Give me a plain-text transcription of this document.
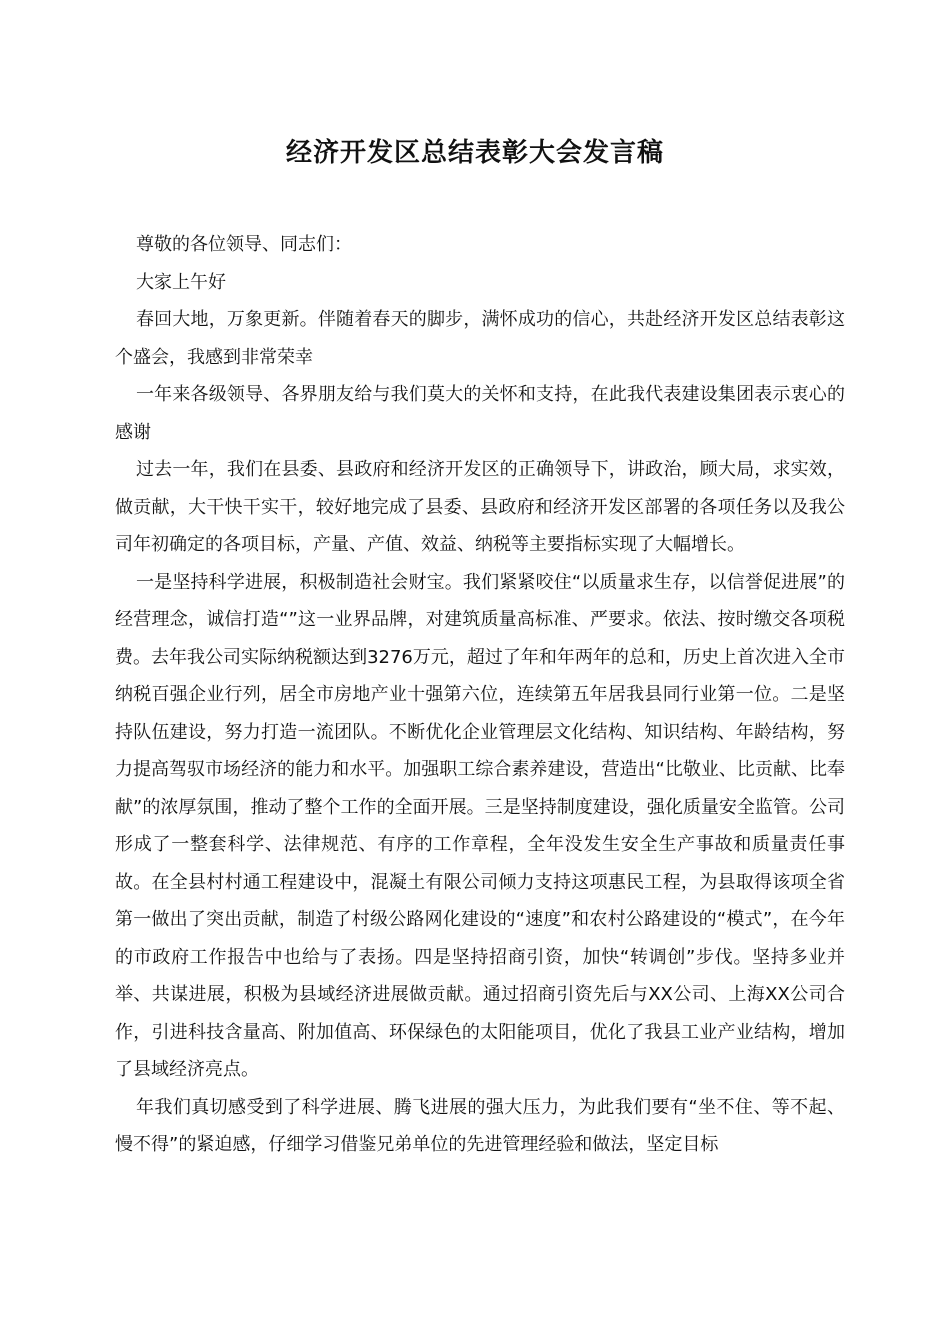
经济开发区总结表彰大会发言稿

尊敬的各位领导、同志们：

大家上午好

春回大地，万象更新。伴随着春天的脚步，满怀成功的信心，共赴经济开发区总结表彰这个盛会，我感到非常荣幸

一年来各级领导、各界朋友给与我们莫大的关怀和支持，在此我代表建设集团表示衷心的感谢

过去一年，我们在县委、县政府和经济开发区的正确领导下，讲政治，顾大局，求实效，做贡献，大干快干实干，较好地完成了县委、县政府和经济开发区部署的各项任务以及我公司年初确定的各项目标，产量、产值、效益、纳税等主要指标实现了大幅增长。

一是坚持科学进展，积极制造社会财宝。我们紧紧咬住“以质量求生存，以信誉促进展”的经营理念，诚信打造“”这一业界品牌，对建筑质量高标准、严要求。依法、按时缴交各项税费。去年我公司实际纳税额达到3276万元，超过了年和年两年的总和，历史上首次进入全市纳税百强企业行列，居全市房地产业十强第六位，连续第五年居我县同行业第一位。二是坚持队伍建设，努力打造一流团队。不断优化企业管理层文化结构、知识结构、年龄结构，努力提高驾驭市场经济的能力和水平。加强职工综合素养建设，营造出“比敬业、比贡献、比奉献”的浓厚氛围，推动了整个工作的全面开展。三是坚持制度建设，强化质量安全监管。公司形成了一整套科学、法律规范、有序的工作章程，全年没发生安全生产事故和质量责任事故。在全县村村通工程建设中，混凝土有限公司倾力支持这项惠民工程，为县取得该项全省第一做出了突出贡献，制造了村级公路网化建设的“速度”和农村公路建设的“模式”，在今年的市政府工作报告中也给与了表扬。四是坚持招商引资，加快“转调创”步伐。坚持多业并举、共谋进展，积极为县域经济进展做贡献。通过招商引资先后与XX公司、上海XX公司合作，引进科技含量高、附加值高、环保绿色的太阳能项目，优化了我县工业产业结构，增加了县域经济亮点。

年我们真切感受到了科学进展、腾飞进展的强大压力，为此我们要有“坐不住、等不起、慢不得”的紧迫感，仔细学习借鉴兄弟单位的先进管理经验和做法，坚定目标
